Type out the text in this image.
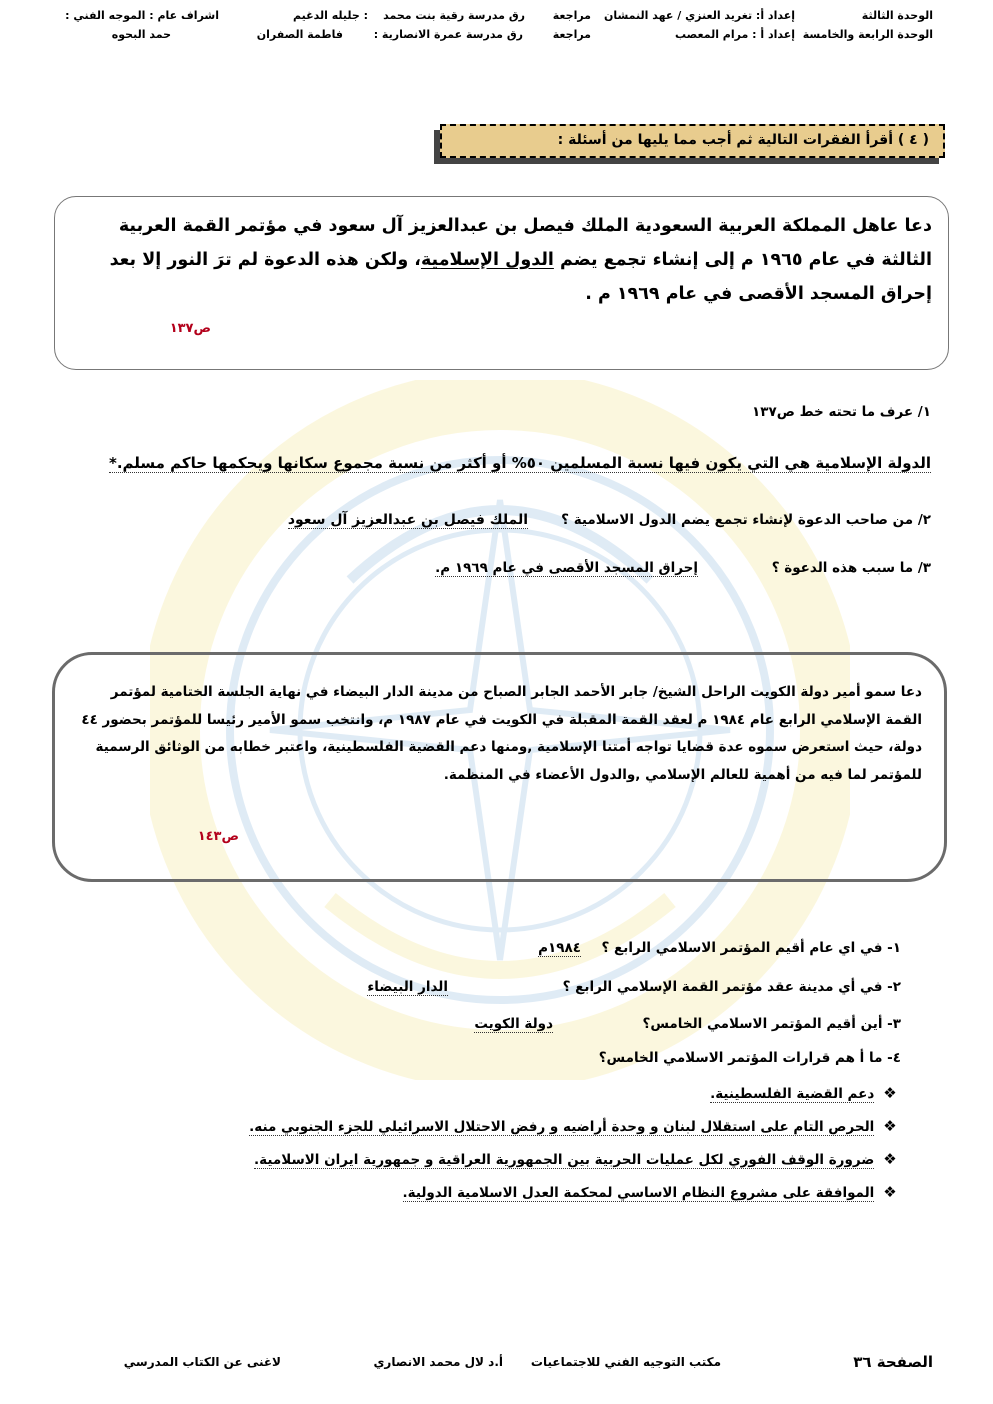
الوحدة الثالثة
إعداد أ: تغريد العنزي / عهد النمشان
مراجعة
رق مدرسة رقية بنت محمد
: جليله الدغيم
اشراف عام : الموجه الفني :
الوحدة الرابعة والخامسة
إعداد أ : مرام المعصب
مراجعة
رق مدرسة عمرة الانصارية :
فاطمة الصفران
حمد البحوه
( ٤ ) أقرأ الفقرات التالية ثم أجب مما يليها من أسئلة :
دعا عاهل المملكة العربية السعودية الملك فيصل بن عبدالعزيز آل سعود في مؤتمر القمة العربية الثالثة في عام ١٩٦٥ م إلى إنشاء تجمع يضم الدول الإسلامية، ولكن هذه الدعوة لم ترَ النور إلا بعد إحراق المسجد الأقصى في عام ١٩٦٩ م .
ص١٣٧
١/ عرف ما تحته خط ص١٣٧
الدولة الإسلامية هي التي يكون فيها نسبة المسلمين ٥٠% أو أكثر من نسبة مجموع سكانها ويحكمها حاكم مسلم.*
٢/ من صاحب الدعوة لإنشاء تجمع يضم الدول الاسلامية ؟
الملك فيصل بن عبدالعزيز آل سعود
٣/ ما سبب هذه الدعوة ؟
إحراق المسجد الأقصى في عام ١٩٦٩ م.
دعا سمو أمير دولة الكويت الراحل الشيخ/ جابر الأحمد الجابر الصباح من مدينة الدار البيضاء في نهاية الجلسة الختامية لمؤتمر القمة الإسلامي الرابع عام ١٩٨٤ م لعقد القمة المقبلة في الكويت في عام ١٩٨٧ م، وانتخب سمو الأمير رئيسا للمؤتمر بحضور ٤٤ دولة، حيث استعرض سموه عدة قضايا تواجه أمتنا الإسلامية ,ومنها دعم القضية الفلسطينية، واعتبر خطابه من الوثائق الرسمية للمؤتمر لما فيه من أهمية للعالم الإسلامي ,والدول الأعضاء في المنظمة.
ص١٤٣
١- في اي عام أقيم المؤتمر الاسلامي الرابع ؟
١٩٨٤م
٢- في أي مدينة عقد مؤتمر القمة الإسلامي الرابع ؟
الدار البيضاء
٣- أين أقيم المؤتمر الاسلامي الخامس؟
دولة الكويت
٤- ما أ هم قرارات المؤتمر الاسلامي الخامس؟
❖ دعم القضية الفلسطينية.
❖ الحرص التام على استقلال لبنان و وحدة أراضيه و رفض الاحتلال الاسرائيلي للجزء الجنوبي منه.
❖ ضرورة الوقف الفوري لكل عمليات الحربية بين الجمهورية العراقية و جمهورية ايران الاسلامية.
❖ الموافقة على مشروع النظام الاساسي لمحكمة العدل الاسلامية الدولية.
الصفحة ٣٦
مكتب التوجيه الفني للاجتماعيات
أ.د لال محمد الانصاري
لاغنى عن الكتاب المدرسي
